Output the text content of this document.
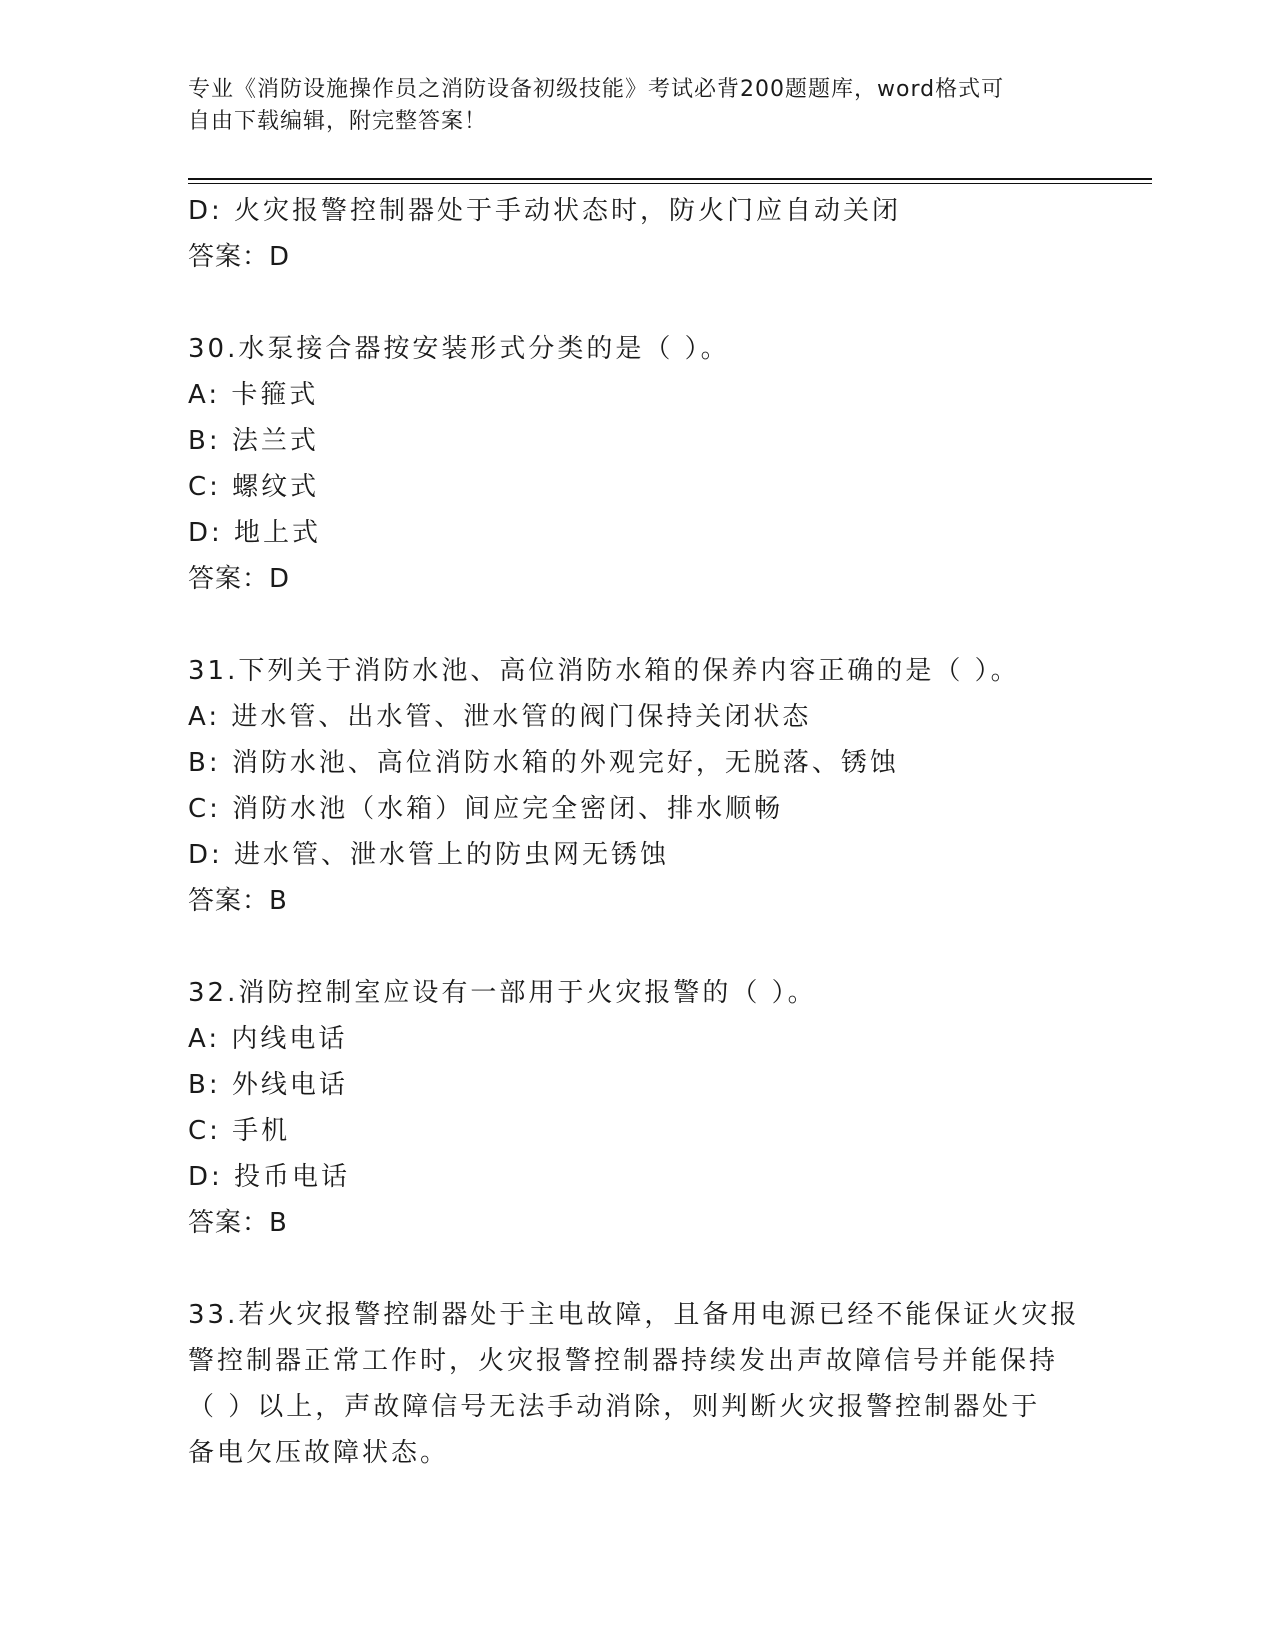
专业《消防设施操作员之消防设备初级技能》考试必背200题题库，word格式可
自由下载编辑，附完整答案！
D: 火灾报警控制器处于手动状态时，防火门应自动关闭
答案：D
30.水泵接合器按安装形式分类的是（ ）。
A: 卡箍式
B: 法兰式
C: 螺纹式
D: 地上式
答案：D
31.下列关于消防水池、高位消防水箱的保养内容正确的是（ ）。
A: 进水管、出水管、泄水管的阀门保持关闭状态
B: 消防水池、高位消防水箱的外观完好，无脱落、锈蚀
C: 消防水池（水箱）间应完全密闭、排水顺畅
D: 进水管、泄水管上的防虫网无锈蚀
答案：B
32.消防控制室应设有一部用于火灾报警的（ ）。
A: 内线电话
B: 外线电话
C: 手机
D: 投币电话
答案：B
33.若火灾报警控制器处于主电故障，且备用电源已经不能保证火灾报
警控制器正常工作时，火灾报警控制器持续发出声故障信号并能保持
（ ）以上，声故障信号无法手动消除，则判断火灾报警控制器处于
备电欠压故障状态。
